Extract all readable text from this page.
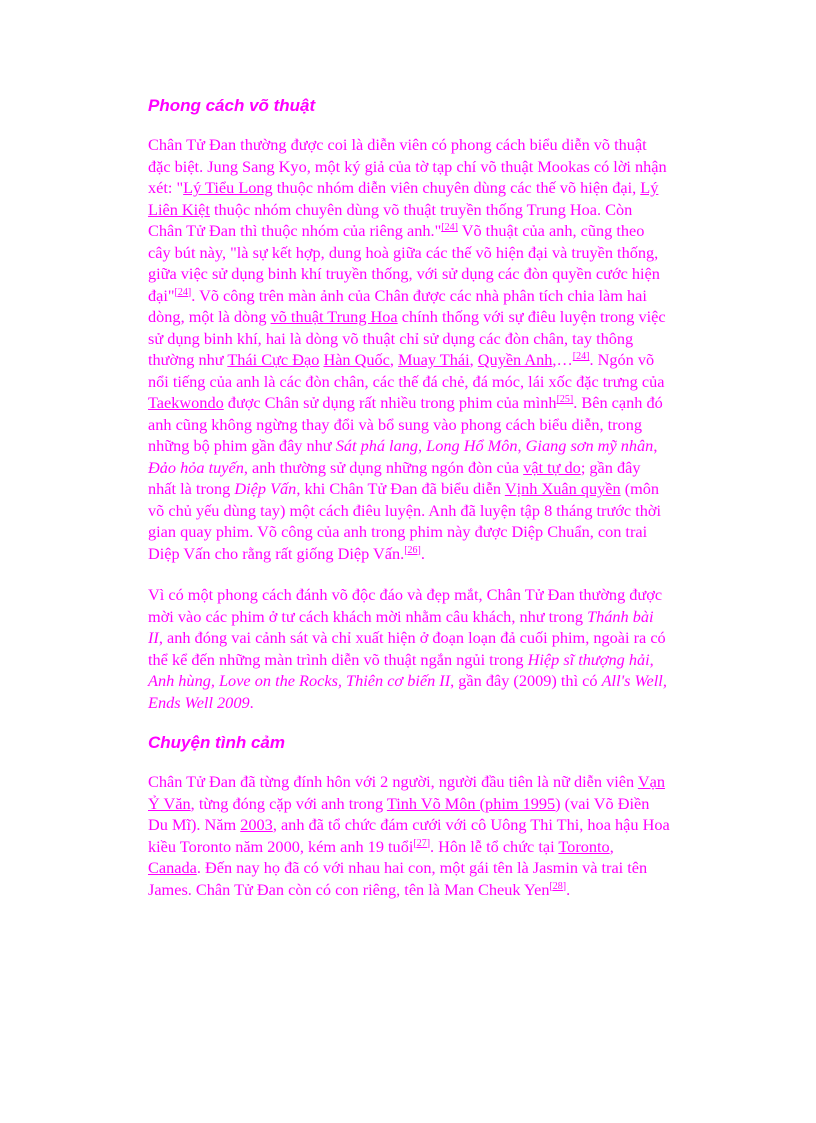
Phong cách võ thuật

Chân Tử Đan thường được coi là diễn viên có phong cách biểu diễn võ thuật đặc biệt. Jung Sang Kyo, một ký giả của tờ tạp chí võ thuật Mookas có lời nhận xét: "Lý Tiểu Long thuộc nhóm diễn viên chuyên dùng các thế võ hiện đại, Lý Liên Kiệt thuộc nhóm chuyên dùng võ thuật truyền thống Trung Hoa. Còn Chân Tử Đan thì thuộc nhóm của riêng anh."[24] Võ thuật của anh, cũng theo cây bút này, "là sự kết hợp, dung hoà giữa các thế võ hiện đại và truyền thống, giữa việc sử dụng binh khí truyền thống, với sử dụng các đòn quyền cước hiện đại"[24]. Võ công trên màn ảnh của Chân được các nhà phân tích chia làm hai dòng, một là dòng võ thuật Trung Hoa chính thống với sự điêu luyện trong việc sử dụng binh khí, hai là dòng võ thuật chỉ sử dụng các đòn chân, tay thông thường như Thái Cực Đạo Hàn Quốc, Muay Thái, Quyền Anh,…[24]. Ngón võ nổi tiếng của anh là các đòn chân, các thế đá chẻ, đá móc, lái xốc đặc trưng của Taekwondo được Chân sử dụng rất nhiều trong phim của mình[25]. Bên cạnh đó anh cũng không ngừng thay đổi và bổ sung vào phong cách biểu diễn, trong những bộ phim gần đây như Sát phá lang, Long Hổ Môn, Giang sơn mỹ nhân, Đảo hỏa tuyến, anh thường sử dụng những ngón đòn của vật tự do; gần đây nhất là trong Diệp Vấn, khi Chân Tử Đan đã biểu diễn Vịnh Xuân quyền (môn võ chủ yếu dùng tay) một cách điêu luyện. Anh đã luyện tập 8 tháng trước thời gian quay phim. Võ công của anh trong phim này được Diệp Chuẩn, con trai Diệp Vấn cho rằng rất giống Diệp Vấn.[26].

Vì có một phong cách đánh võ độc đáo và đẹp mắt, Chân Tử Đan thường được mời vào các phim ở tư cách khách mời nhằm câu khách, như trong Thánh bài II, anh đóng vai cảnh sát và chỉ xuất hiện ở đoạn loạn đả cuối phim, ngoài ra có thể kể đến những màn trình diễn võ thuật ngắn ngủi trong Hiệp sĩ thượng hải, Anh hùng, Love on the Rocks, Thiên cơ biến II, gần đây (2009) thì có All's Well, Ends Well 2009.

Chuyện tình cảm

Chân Tử Đan đã từng đính hôn với 2 người, người đầu tiên là nữ diễn viên Vạn Ỷ Văn, từng đóng cặp với anh trong Tinh Võ Môn (phim 1995) (vai Võ Điền Du Mĩ). Năm 2003, anh đã tổ chức đám cưới với cô Uông Thi Thi, hoa hậu Hoa kiều Toronto năm 2000, kém anh 19 tuổi[27]. Hôn lễ tổ chức tại Toronto, Canada. Đến nay họ đã có với nhau hai con, một gái tên là Jasmin và trai tên James. Chân Tử Đan còn có con riêng, tên là Man Cheuk Yen[28].
